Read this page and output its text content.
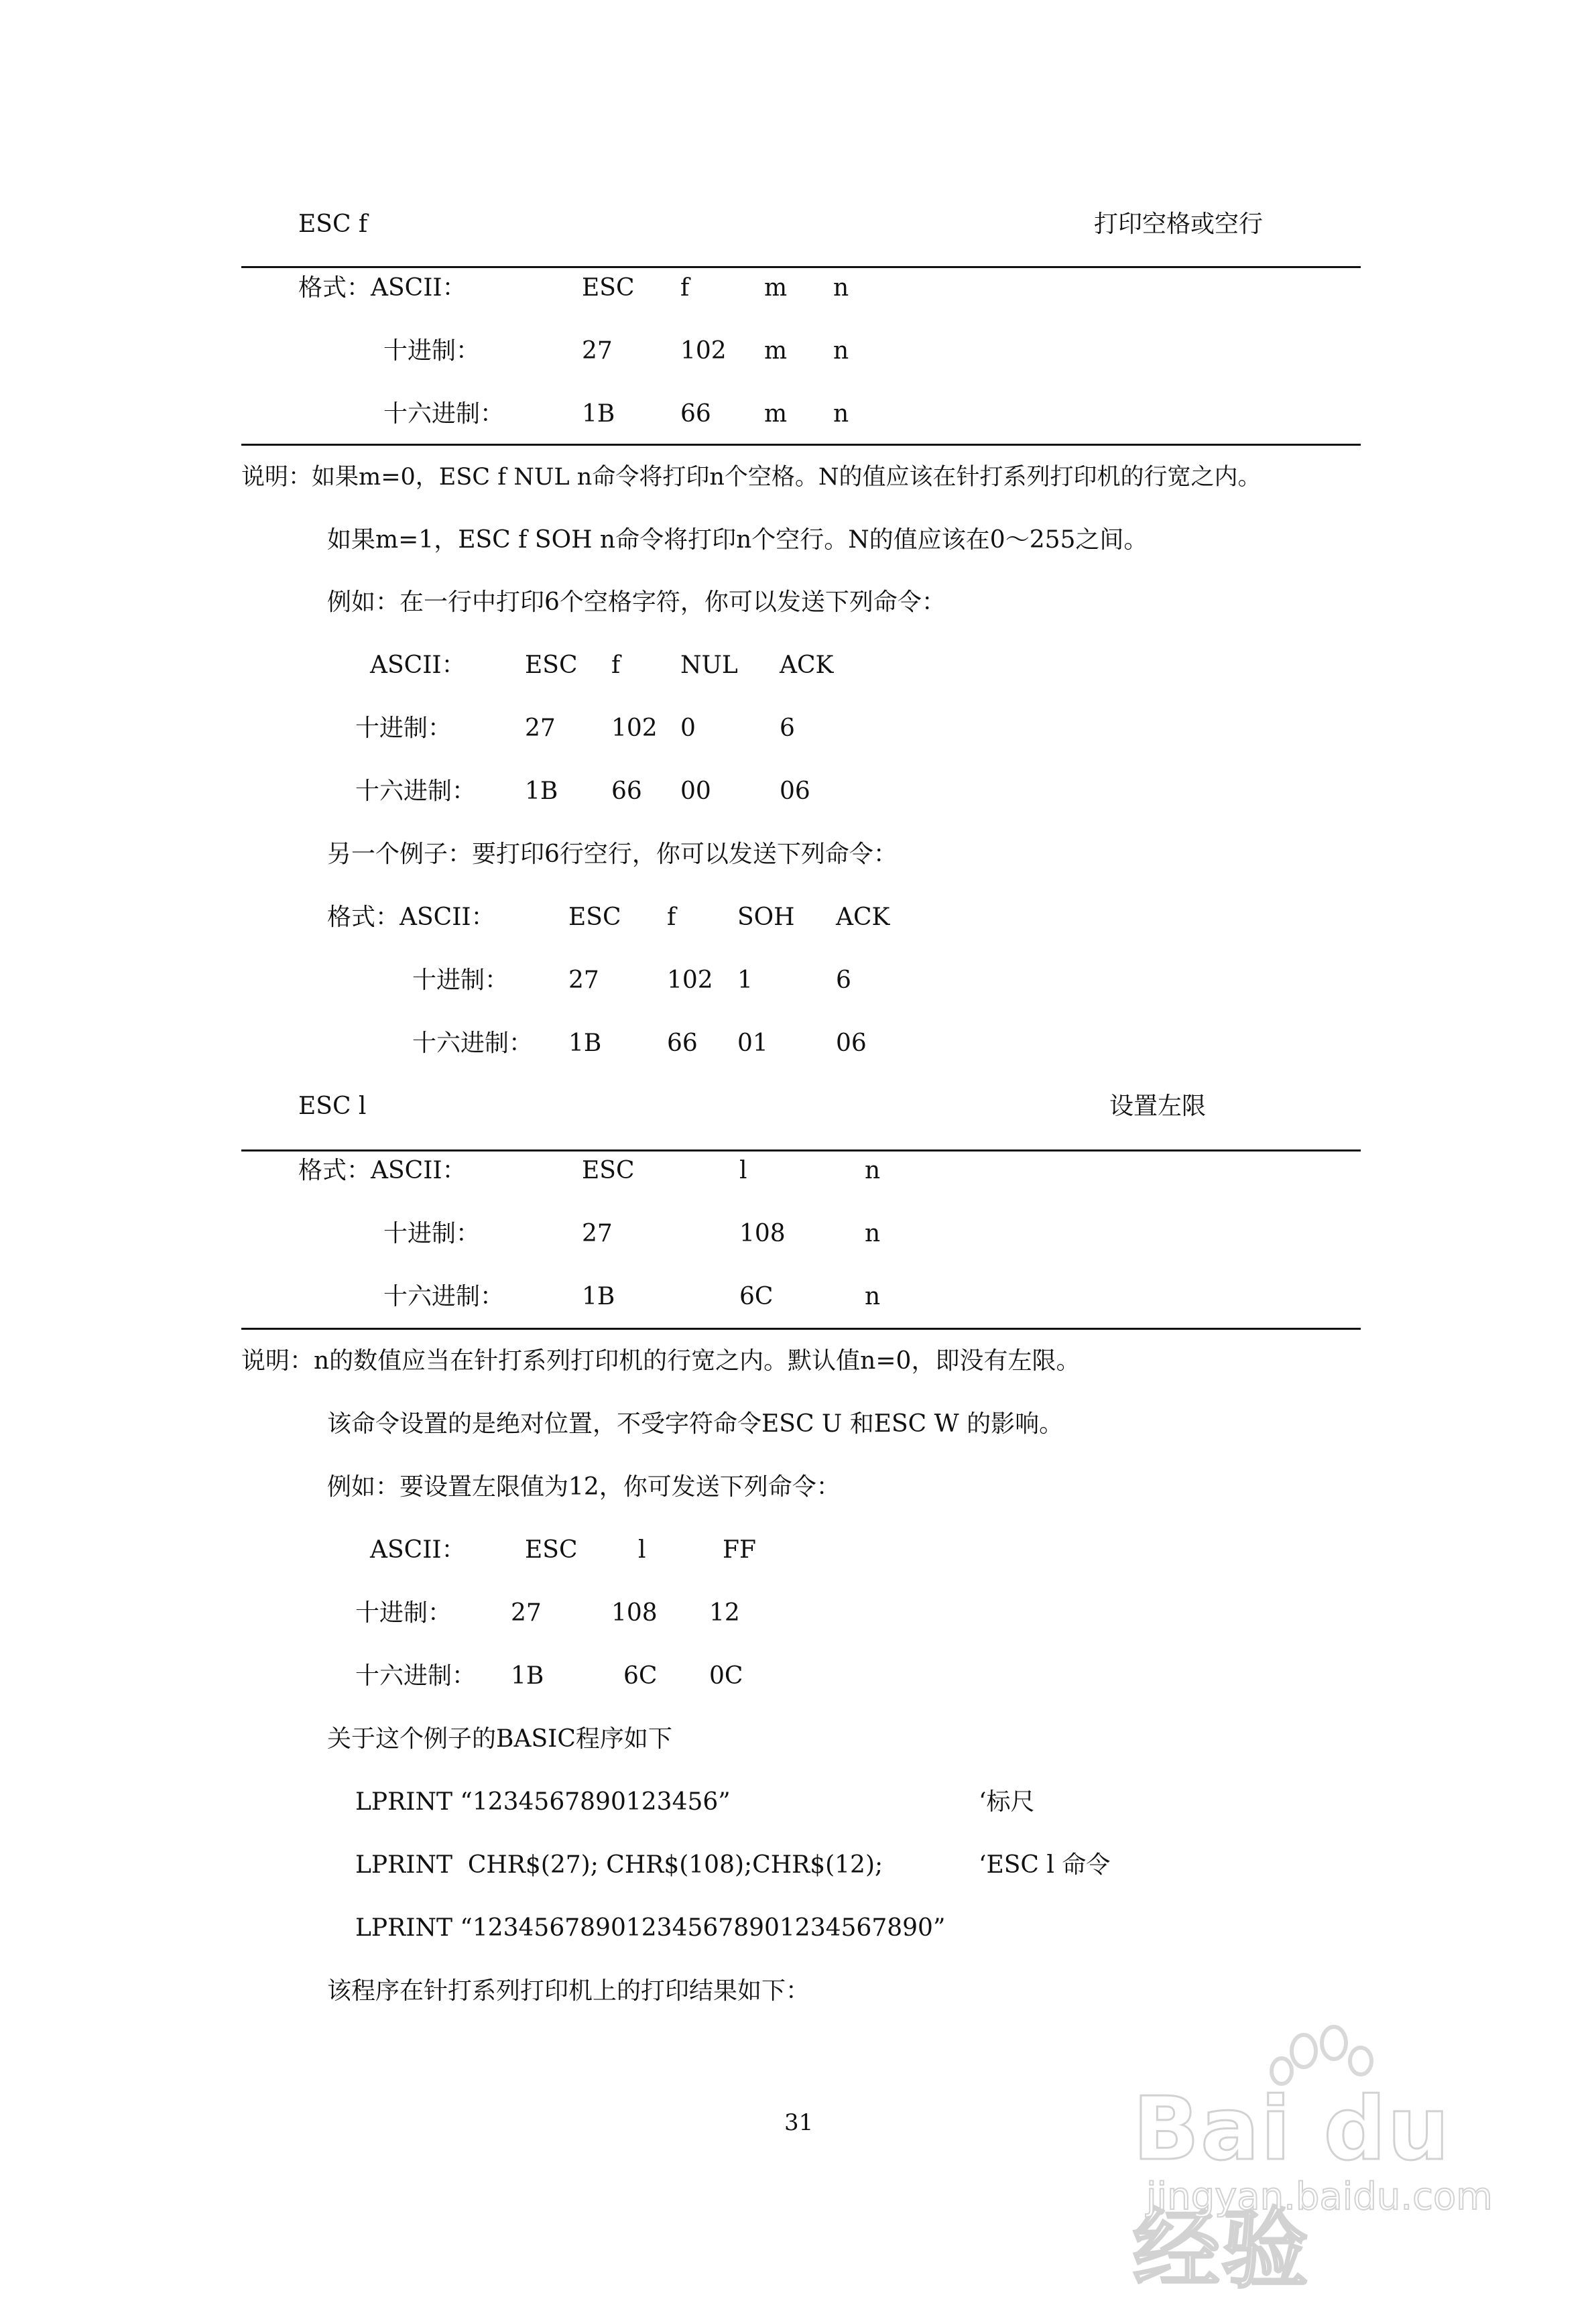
ESC f	打印空格或空行
格式：ASCII：	ESC f	m n
十进制：	27	102 m n
十六进制：	1B	66 m n
说明：如果m=0，ESC f NUL n命令将打印n个空格。N的值应该在针打系列打印机的行宽之内。
如果m=1，ESC f SOH n命令将打印n个空行。N的值应该在0～255之间。
例如：在一行中打印6个空格字符，你可以发送下列命令：
ASCII： ESC f NUL ACK
十进制：	27 102 0	6
十六进制： 1B 66 00	06
另一个例子：要打印6行空行，你可以发送下列命令：
格式：ASCII：	ESC f	SOH ACK
十进制： 27	102 1	6
十六进制： 1B	66 01	06
ESC l	设置左限
格式：ASCII：	ESC	l	n
十进制：	27	108	n
十六进制：	1B	6C	n
说明：n的数值应当在针打系列打印机的行宽之内。默认值n=0，即没有左限。
该命令设置的是绝对位置，不受字符命令ESC U 和ESC W 的影响。
例如：要设置左限值为12，你可发送下列命令：
ASCII： ESC	l	FF
十进制： 27	108 12
十六进制： 1B	6C 0C
关于这个例子的BASIC程序如下
LPRINT “1234567890123456”	‘标尺
LPRINT  CHR$(27); CHR$(108);CHR$(12);	‘ESC l 命令
LPRINT “123456789012345678901234567890”
该程序在针打系列打印机上的打印结果如下：
31	Bai du 经验
jingyan.baidu.com
